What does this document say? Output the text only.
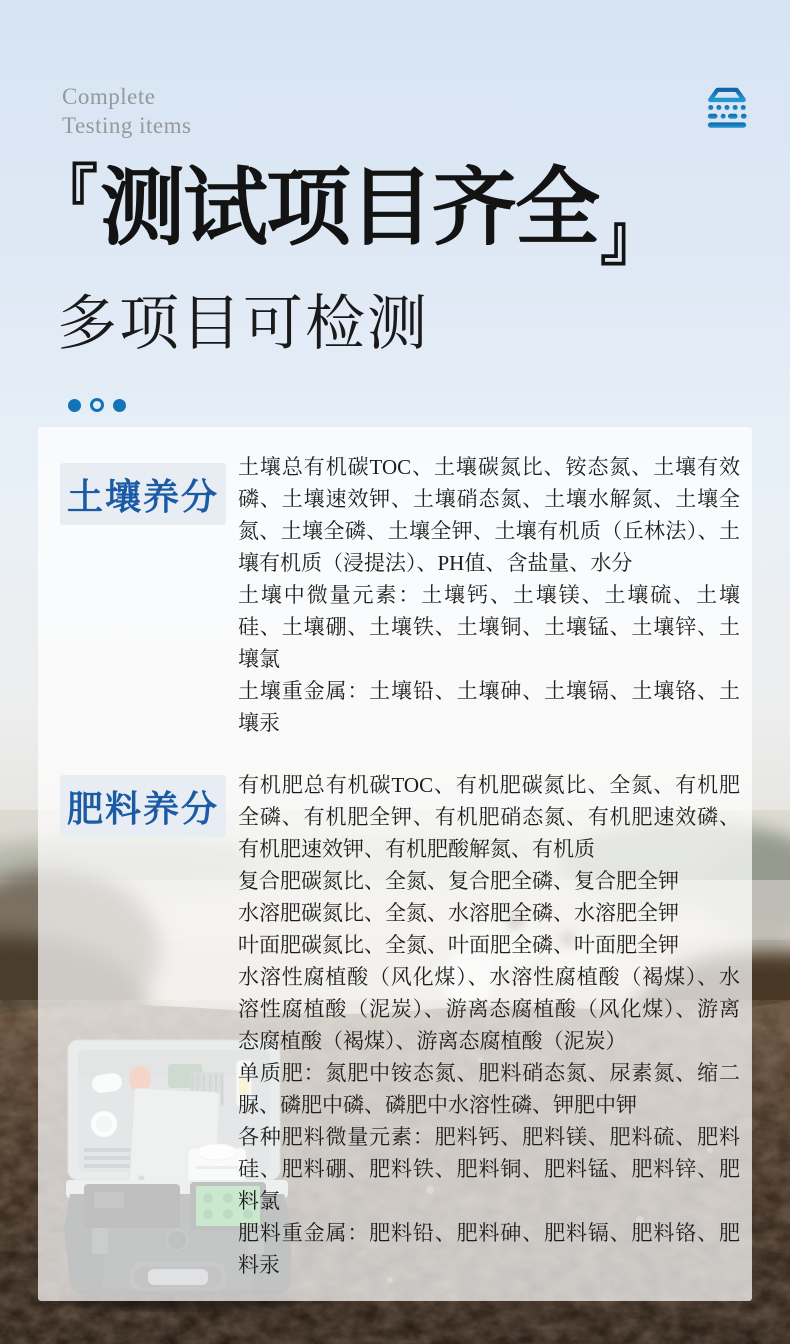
Complete
Testing items
『 测试项目齐全 』
多项目可检测
土壤养分

土壤总有机碳TOC、土壤碳氮比、铵态氮、土壤有效磷、土壤速效钾、土壤硝态氮、土壤水解氮、土壤全氮、土壤全磷、土壤全钾、土壤有机质（丘林法）、土壤有机质（浸提法）、PH值、含盐量、水分

土壤中微量元素：土壤钙、土壤镁、土壤硫、土壤硅、土壤硼、土壤铁、土壤铜、土壤锰、土壤锌、土壤氯

土壤重金属：土壤铅、土壤砷、土壤镉、土壤铬、土壤汞

肥料养分

有机肥总有机碳TOC、有机肥碳氮比、全氮、有机肥全磷、有机肥全钾、有机肥硝态氮、有机肥速效磷、有机肥速效钾、有机肥酸解氮、有机质

复合肥碳氮比、全氮、复合肥全磷、复合肥全钾

水溶肥碳氮比、全氮、水溶肥全磷、水溶肥全钾

叶面肥碳氮比、全氮、叶面肥全磷、叶面肥全钾

水溶性腐植酸（风化煤）、水溶性腐植酸（褐煤）、水溶性腐植酸（泥炭）、游离态腐植酸（风化煤）、游离态腐植酸（褐煤）、游离态腐植酸（泥炭）

单质肥：氮肥中铵态氮、肥料硝态氮、尿素氮、缩二脲、磷肥中磷、磷肥中水溶性磷、钾肥中钾

各种肥料微量元素：肥料钙、肥料镁、肥料硫、肥料硅、肥料硼、肥料铁、肥料铜、肥料锰、肥料锌、肥料氯

肥料重金属：肥料铅、肥料砷、肥料镉、肥料铬、肥料汞
